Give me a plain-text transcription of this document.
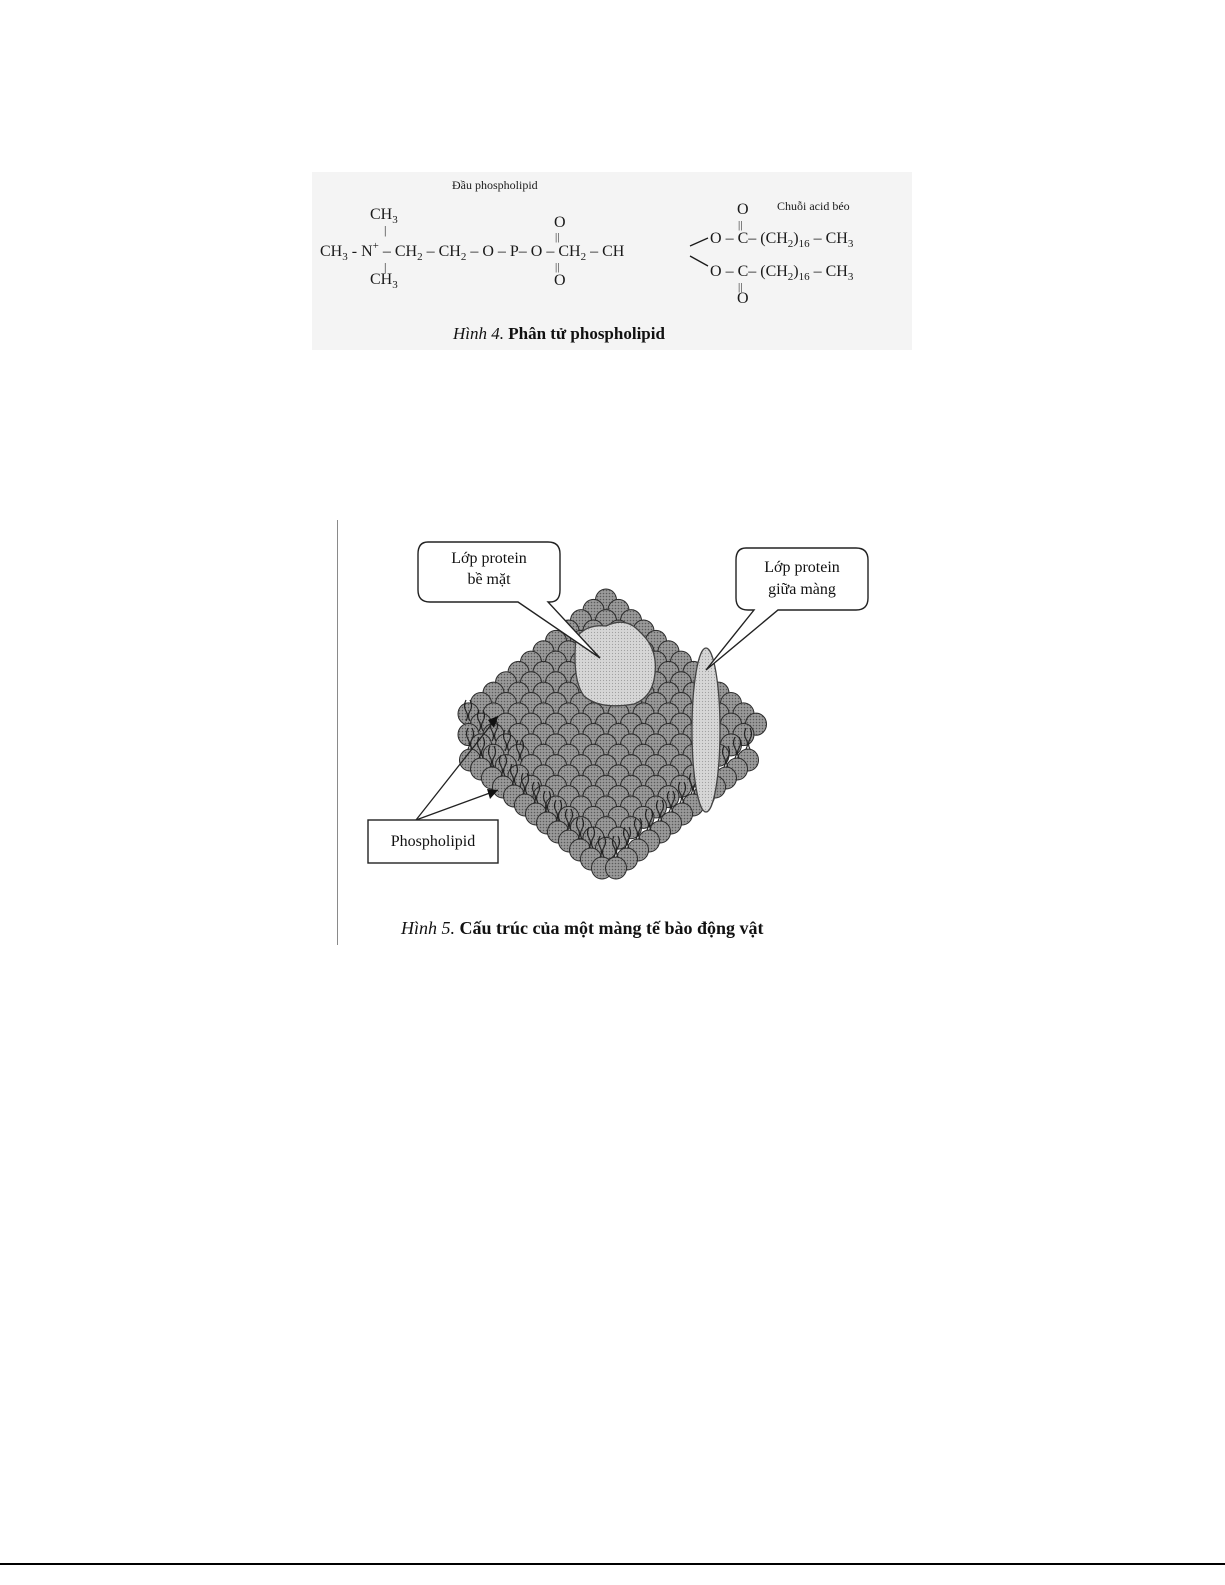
Đầu phospholipid
Chuỗi acid béo
$CH_3$
|
$CH_3 - N^+ - CH_2 - CH_2$ – O – P– O – $CH_2$ – CH
|
$CH_3$
O
||
||
O
O
||
O – C– $(CH_2)_{16} - CH_3$
O – C– $(CH_2)_{16} - CH_3$
||
O
Hình 4. Phân tử phospholipid
Lớp protein
bề mặt
Lớp protein
giữa màng
Phospholipid
Hình 5. Cấu trúc của một màng tế bào động vật
